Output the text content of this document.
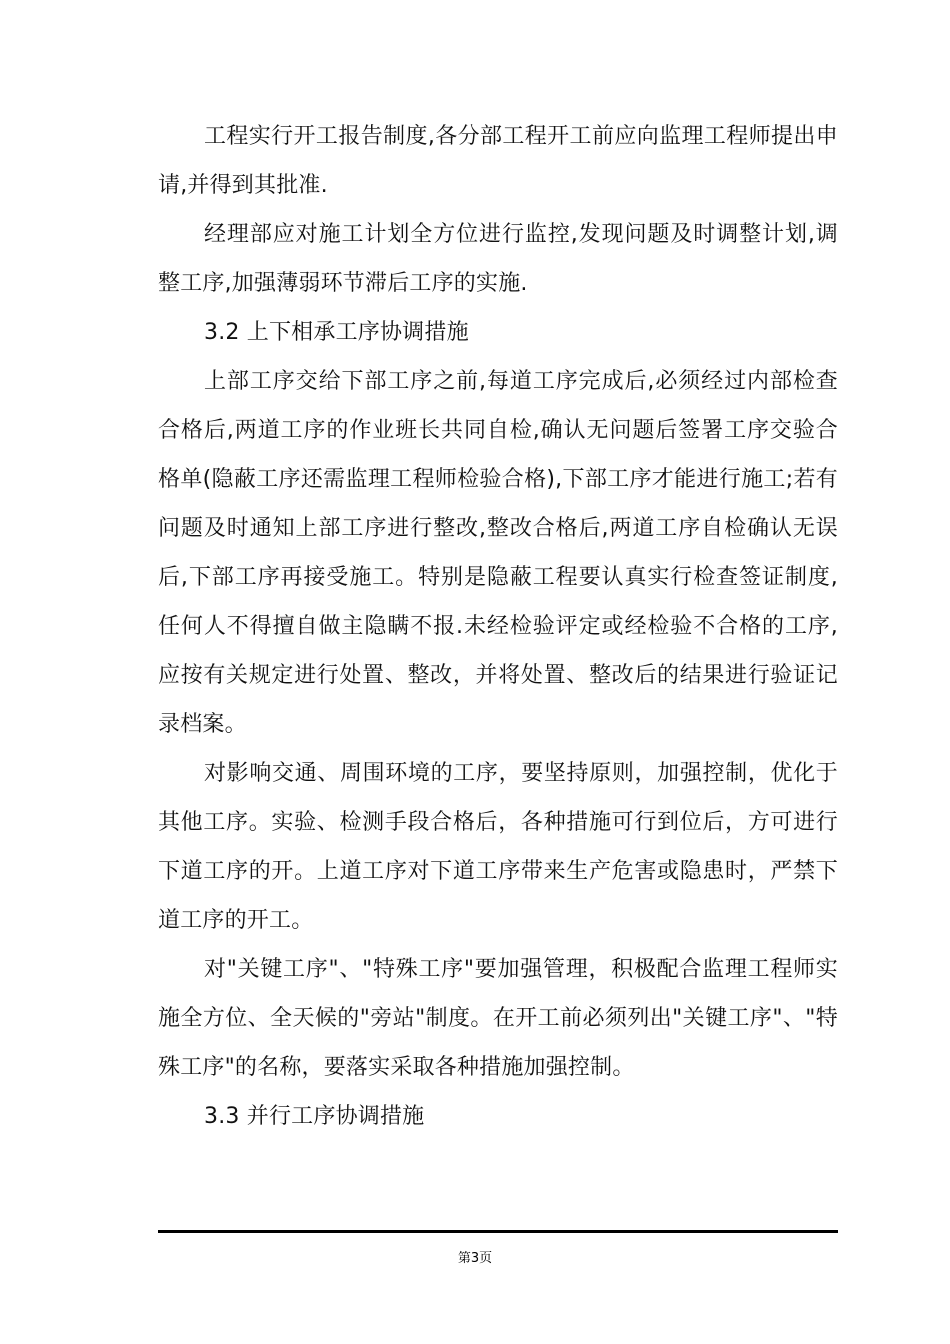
工程实行开工报告制度,各分部工程开工前应向监理工程师提出申请,并得到其批准.

经理部应对施工计划全方位进行监控,发现问题及时调整计划,调整工序,加强薄弱环节滞后工序的实施.

3.2 上下相承工序协调措施

上部工序交给下部工序之前,每道工序完成后,必须经过内部检查合格后,两道工序的作业班长共同自检,确认无问题后签署工序交验合格单(隐蔽工序还需监理工程师检验合格),下部工序才能进行施工;若有问题及时通知上部工序进行整改,整改合格后,两道工序自检确认无误后,下部工序再接受施工。特别是隐蔽工程要认真实行检查签证制度,任何人不得擅自做主隐瞒不报.未经检验评定或经检验不合格的工序,应按有关规定进行处置、整改，并将处置、整改后的结果进行验证记录档案。

对影响交通、周围环境的工序，要坚持原则，加强控制，优化于其他工序。实验、检测手段合格后，各种措施可行到位后，方可进行下道工序的开。上道工序对下道工序带来生产危害或隐患时，严禁下道工序的开工。

对"关键工序"、"特殊工序"要加强管理，积极配合监理工程师实施全方位、全天候的"旁站"制度。在开工前必须列出"关键工序"、"特殊工序"的名称，要落实采取各种措施加强控制。

3.3 并行工序协调措施

第3页
